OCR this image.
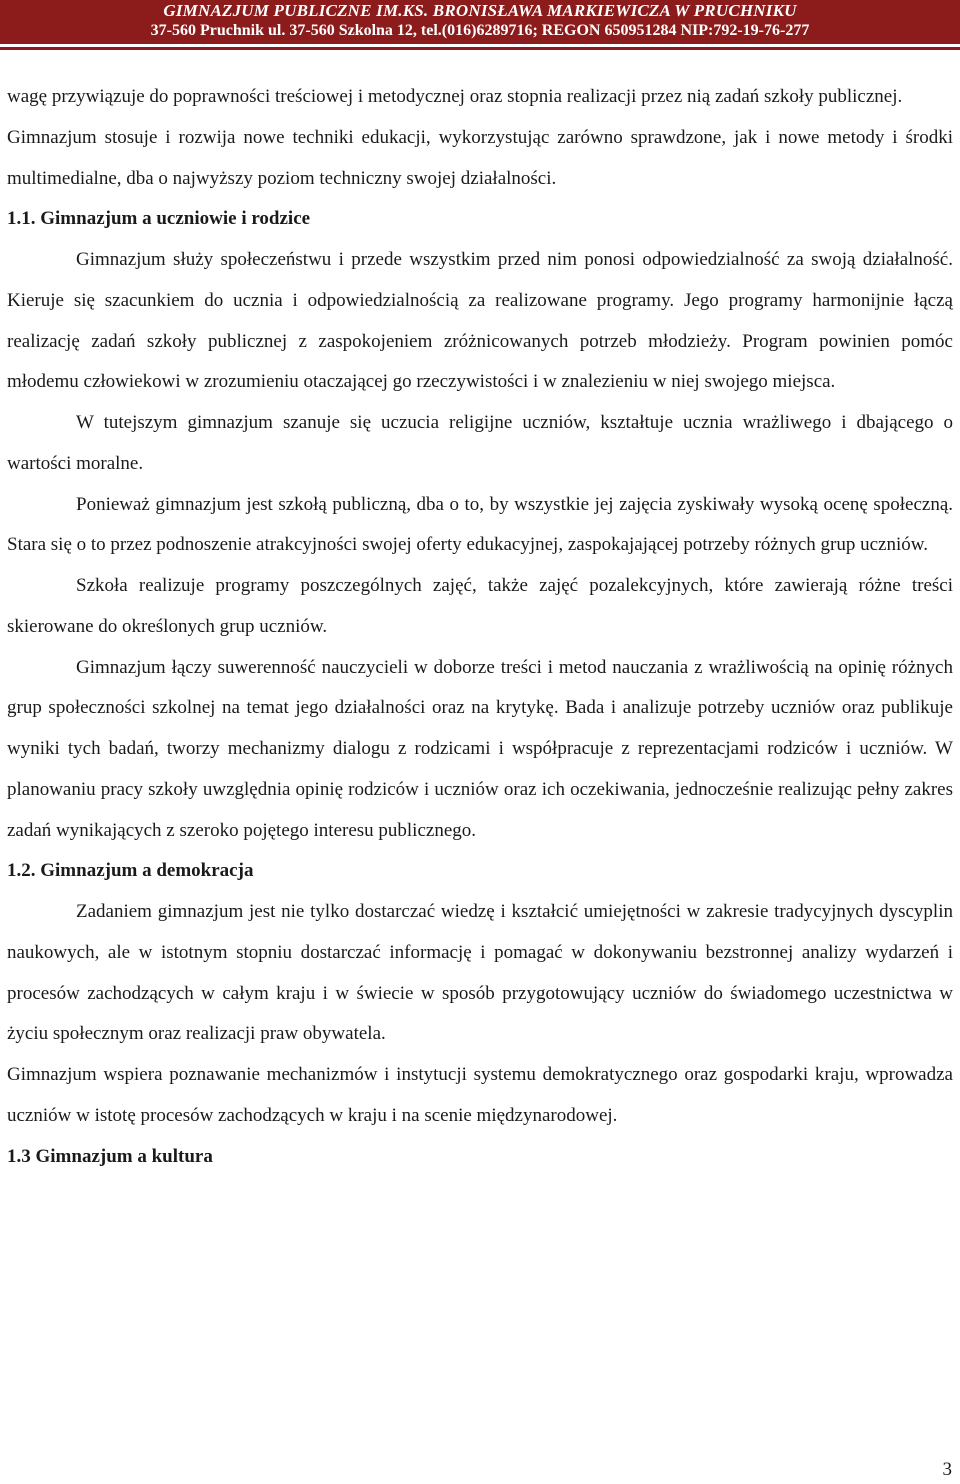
GIMNAZJUM PUBLICZNE IM.KS. BRONISŁAWA MARKIEWICZA W PRUCHNIKU
37-560 Pruchnik ul. 37-560 Szkolna 12, tel.(016)6289716; REGON 650951284 NIP:792-19-76-277

wagę przywiązuje do poprawności treściowej i metodycznej oraz stopnia realizacji przez nią zadań szkoły publicznej.

Gimnazjum stosuje i rozwija nowe techniki edukacji, wykorzystując zarówno sprawdzone, jak i nowe metody i środki multimedialne, dba o najwyższy poziom techniczny swojej działalności.

1.1. Gimnazjum a uczniowie i rodzice

Gimnazjum służy społeczeństwu i przede wszystkim przed nim ponosi odpowiedzialność za swoją działalność. Kieruje się szacunkiem do ucznia i odpowiedzialnością za realizowane programy. Jego programy harmonijnie łączą realizację zadań szkoły publicznej z zaspokojeniem zróżnicowanych potrzeb młodzieży. Program powinien pomóc młodemu człowiekowi w zrozumieniu otaczającej go rzeczywistości i w znalezieniu w niej swojego miejsca.

W tutejszym gimnazjum szanuje się uczucia religijne uczniów, kształtuje ucznia wrażliwego i dbającego o wartości moralne.

Ponieważ gimnazjum jest szkołą publiczną, dba o to, by wszystkie jej zajęcia zyskiwały wysoką ocenę społeczną. Stara się o to przez podnoszenie atrakcyjności swojej oferty edukacyjnej, zaspokajającej potrzeby różnych grup uczniów.

Szkoła realizuje programy poszczególnych zajęć, także zajęć pozalekcyjnych, które zawierają różne treści skierowane do określonych grup uczniów.

Gimnazjum łączy suwerenność nauczycieli w doborze treści i metod nauczania z wrażliwością na opinię różnych grup społeczności szkolnej na temat jego działalności oraz na krytykę. Bada i analizuje potrzeby uczniów oraz publikuje wyniki tych badań, tworzy mechanizmy dialogu z rodzicami i współpracuje z reprezentacjami rodziców i uczniów. W planowaniu pracy szkoły uwzględnia opinię rodziców i uczniów oraz ich oczekiwania, jednocześnie realizując pełny zakres zadań wynikających z szeroko pojętego interesu publicznego.

1.2. Gimnazjum a demokracja

Zadaniem gimnazjum jest nie tylko dostarczać wiedzę i kształcić umiejętności w zakresie tradycyjnych dyscyplin naukowych, ale w istotnym stopniu dostarczać informację i pomagać w dokonywaniu bezstronnej analizy wydarzeń i procesów zachodzących w całym kraju i w świecie w sposób przygotowujący uczniów do świadomego uczestnictwa w życiu społecznym oraz realizacji praw obywatela.

Gimnazjum wspiera poznawanie mechanizmów i instytucji systemu demokratycznego oraz gospodarki kraju, wprowadza uczniów w istotę procesów zachodzących w kraju i na scenie międzynarodowej.

1.3 Gimnazjum a kultura
3
